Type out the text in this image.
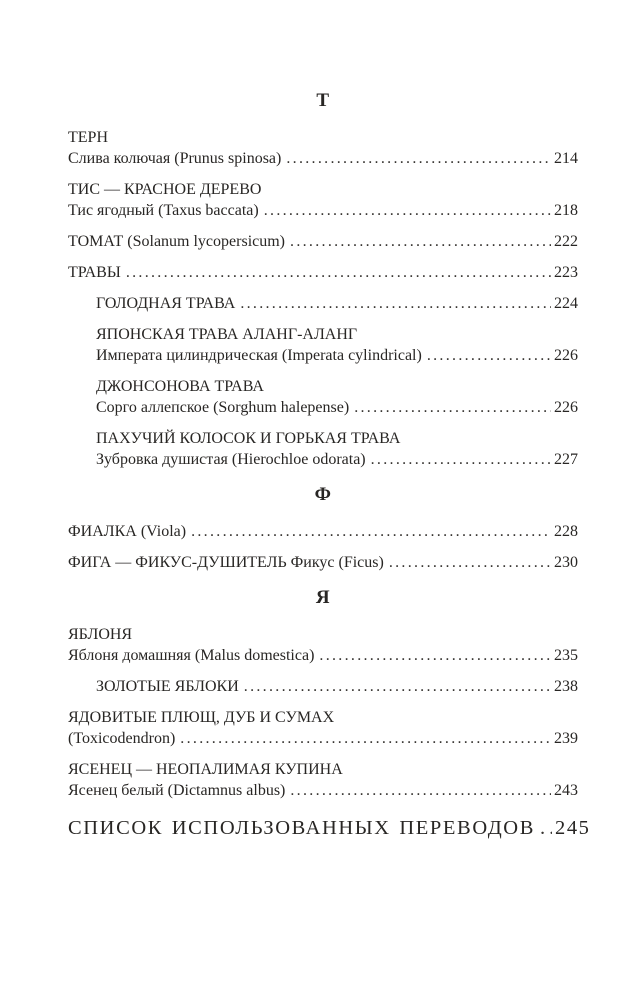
Т
ТЕРН
Слива колючая (Prunus spinosa) .....	214
ТИС — КРАСНОЕ ДЕРЕВО
Тис ягодный (Taxus baccata) .....	218
ТОМАТ (Solanum lycopersicum) .....	222
ТРАВЫ .....	223
ГОЛОДНАЯ ТРАВА .....	224
ЯПОНСКАЯ ТРАВА АЛАНГ-АЛАНГ
Императа цилиндрическая (Imperata cylindrical) .....	226
ДЖОНСОНОВА ТРАВА
Сорго аллепское (Sorghum halepense) .....	226
ПАХУЧИЙ КОЛОСОК И ГОРЬКАЯ ТРАВА
Зубровка душистая (Hierochloe odorata) .....	227
Ф
ФИАЛКА (Viola) .....	228
ФИГА — ФИКУС-ДУШИТЕЛЬ Фикус (Ficus) .....	230
Я
ЯБЛОНЯ
Яблоня домашняя (Malus domestica) .....	235
ЗОЛОТЫЕ ЯБЛОКИ .....	238
ЯДОВИТЫЕ ПЛЮЩ, ДУБ И СУМАХ
(Toxicodendron) .....	239
ЯСЕНЕЦ — НЕОПАЛИМАЯ КУПИНА
Ясенец белый (Dictamnus albus) .....	243
СПИСОК ИСПОЛЬЗОВАННЫХ ПЕРЕВОДОВ ..... 245
